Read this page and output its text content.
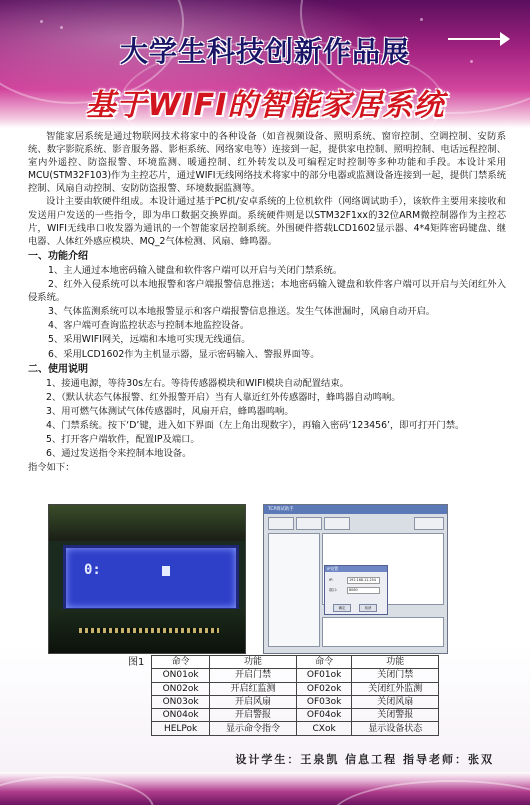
大学生科技创新作品展
基于WIFI的智能家居系统

智能家居系统是通过物联网技术将家中的各种设备（如音视频设备、照明系统、窗帘控制、空调控制、安防系统、数字影院系统、影音服务器、影柜系统、网络家电等）连接到一起，提供家电控制、照明控制、电话远程控制、室内外遥控、防盗报警、环境监测、暖通控制、红外转发以及可编程定时控制等多种功能和手段。本设计采用MCU(STM32F103)作为主控芯片，通过WIFI无线网络技术将家中的部分电器或监测设备连接到一起，提供门禁系统控制、风扇自动控制、安防防盗报警、环境数据监测等。

设计主要由软硬件组成。本设计通过基于PC机/安卓系统的上位机软件（网络调试助手），该软件主要用来接收和发送用户发送的一些指令，即为串口数据交换界面。系统硬件则是以STM32F1xx的32位ARM微控制器作为主控芯片，WIFI无线串口收发器为通讯的一个智能家居控制系统。外围硬件搭载LCD1602显示器、4*4矩阵密码键盘、继电器、人体红外感应模块、MQ_2气体检测、风扇、蜂鸣器。

一、功能介绍

1、主人通过本地密码输入键盘和软件客户端可以开启与关闭门禁系统。

2、红外入侵系统可以本地报警和客户端报警信息推送；本地密码输入键盘和软件客户端可以开启与关闭红外入侵系统。

3、气体监测系统可以本地报警显示和客户端报警信息推送。发生气体泄漏时，风扇自动开启。

4、客户端可查询监控状态与控制本地监控设备。

5、采用WIFI网关，远端和本地可实现无线通信。

6、采用LCD1602作为主机显示器，显示密码输入、警报界面等。

二、使用说明

1、接通电源，等待30s左右。等待传感器模块和WIFI模块自动配置结束。

2、（默认状态气体报警、红外报警开启）当有人靠近红外传感器时，蜂鸣器自动鸣响。

3、用可燃气体测试气体传感器时，风扇开启，蜂鸣器鸣响。

4、门禁系统。按下‘D’键，进入如下界面（左上角出现数字），再输入密码‘123456’，即可打开门禁。

5、打开客户端软件，配置IP及端口。

6、通过发送指令来控制本地设备。

指令如下：

0:
TCP调试助手
IP设置
IP:	192.168.11.254
端口:	8080
确定	取消
图1	命令	功能	命令	功能
ON01ok	开启门禁	OF01ok	关闭门禁
ON02ok	开启红监测	OF02ok	关闭红外监测
ON03ok	开启风扇	OF03ok	关闭风扇
ON04ok	开启警报	OF04ok	关闭警报
HELPok	显示命令指令	CXok	显示设备状态
设计学生：王泉凯 信息工程 指导老师：张双
